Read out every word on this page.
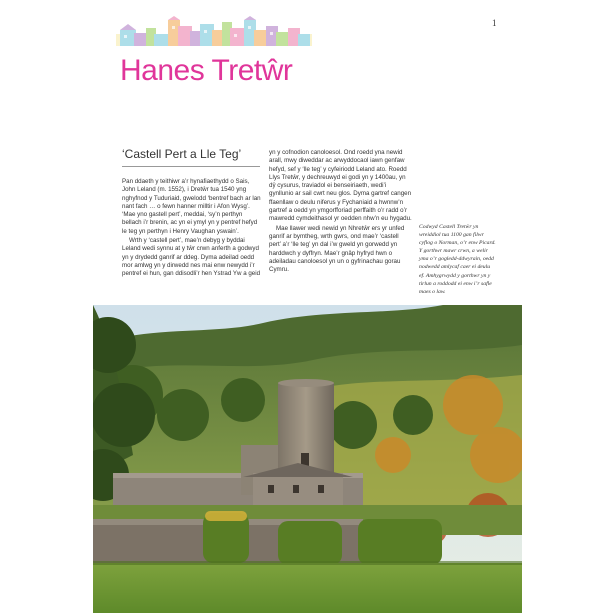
1
Hanes Tretŵr
‘Castell Pert a Lle Teg’

Pan ddaeth y teithiwr a’r hynafiaethydd o Sais, John Leland (m. 1552), i Dretŵr tua 1540 yng nghyfnod y Tuduriaid, gwelodd ‘bentref bach ar lan nant fach … o fewn hanner milltir i Afon Wysg’. ‘Mae yno gastell pert’, meddai, ‘sy’n perthyn bellach i’r brenin, ac yn ei ymyl yn y pentref hefyd le teg yn perthyn i Henry Vaughan yswain’.

Wrth y ‘castell pert’, mae’n debyg y byddai Leland wedi synnu at y tŵr crwn anferth a godwyd yn y drydedd ganrif ar ddeg. Dyma adeilad oedd mor amlwg yn y dirwedd nes mai enw newydd i’r pentref ei hun, gan ddisodli’r hen Ystrad Yw a geid

yn y cofnodion canoloesol. Ond roedd yna newid arall, mwy diweddar ac arwyddocaol iawn genfaw hefyd, sef y ‘lle teg’ y cyfeiriodd Leland ato. Roedd Llys Tretŵr, y dechreuwyd ei godi yn y 1400au, yn dŷ cysurus, traviadol ei benseiriaeth, wedi’i gynllunio ar sail cwrt neu glos. Dyma gartref cangen ffaenllaw o deulu niferus y Fychaniaid a hwnnw’n gartref a oedd yn ymgorfforiad perffaith o’r radd o’r mawredd cymdeithasol yr oedden nhw’n eu hygadu.

Mae llawer wedi newid yn Nhretŵr ers yr unfed ganrif ar bymtheg, wrth gwrs, ond mae’r ‘castell pert’ a’r ‘lle teg’ yn dal i’w gweld yn gorwedd yn harddwch y dyffryn. Mae’r gnâp hyfryd hwn o adeiladau canoloesol yn un o gyfrinachau gorau Cymru.

Codwyd Castell Tretŵr yn wreiddiol tua 1100 gan filwr cyflog o Norman, o’r enw Picard. Y gorthwr mawr crwn, a welir yma o’r gogledd-ddwyrain, oedd nodwedd amlycaf caer ei deulu ef. Amhygrwydd y gorthwr yn y tirlun a roddodd ei enw i’r safle maes o law.
